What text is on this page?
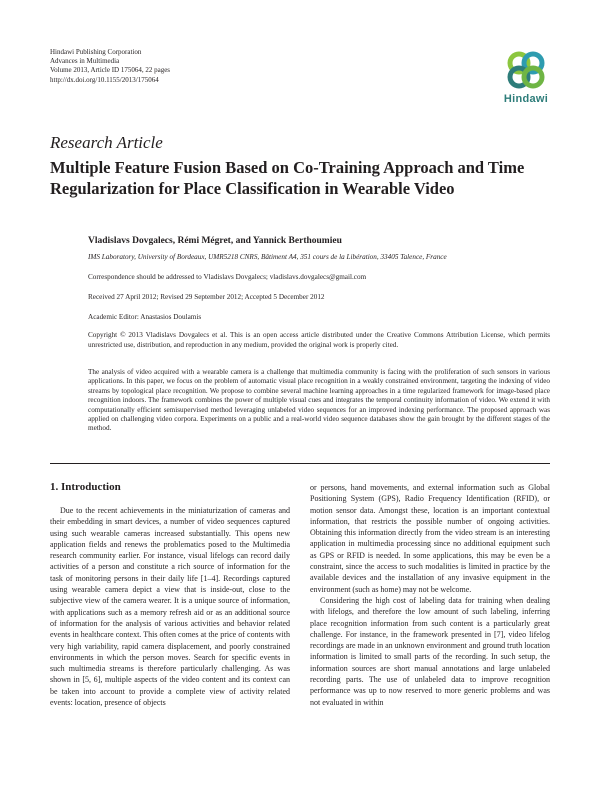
Hindawi Publishing Corporation
Advances in Multimedia
Volume 2013, Article ID 175064, 22 pages
http://dx.doi.org/10.1155/2013/175064
Hindawi
Research Article
Multiple Feature Fusion Based on Co-Training Approach and Time Regularization for Place Classification in Wearable Video
Vladislavs Dovgalecs, Rémi Mégret, and Yannick Berthoumieu
IMS Laboratory, University of Bordeaux, UMR5218 CNRS, Bâtiment A4, 351 cours de la Libération, 33405 Talence, France
Correspondence should be addressed to Vladislavs Dovgalecs; vladislavs.dovgalecs@gmail.com
Received 27 April 2012; Revised 29 September 2012; Accepted 5 December 2012
Academic Editor: Anastasios Doulamis
Copyright © 2013 Vladislavs Dovgalecs et al. This is an open access article distributed under the Creative Commons Attribution License, which permits unrestricted use, distribution, and reproduction in any medium, provided the original work is properly cited.
The analysis of video acquired with a wearable camera is a challenge that multimedia community is facing with the proliferation of such sensors in various applications. In this paper, we focus on the problem of automatic visual place recognition in a weakly constrained environment, targeting the indexing of video streams by topological place recognition. We propose to combine several machine learning approaches in a time regularized framework for image-based place recognition indoors. The framework combines the power of multiple visual cues and integrates the temporal continuity information of video. We extend it with computationally efficient semisupervised method leveraging unlabeled video sequences for an improved indexing performance. The proposed approach was applied on challenging video corpora. Experiments on a public and a real-world video sequence databases show the gain brought by the different stages of the method.
1. Introduction

Due to the recent achievements in the miniaturization of cameras and their embedding in smart devices, a number of video sequences captured using such wearable cameras increased substantially. This opens new application fields and renews the problematics posed to the Multimedia research community earlier. For instance, visual lifelogs can record daily activities of a person and constitute a rich source of information for the task of monitoring persons in their daily life [1–4]. Recordings captured using wearable camera depict a view that is inside-out, close to the subjective view of the camera wearer. It is a unique source of information, with applications such as a memory refresh aid or as an additional source of information for the analysis of various activities and behavior related events in healthcare context. This often comes at the price of contents with very high variability, rapid camera displacement, and poorly constrained environments in which the person moves. Search for specific events in such multimedia streams is therefore particularly challenging. As was shown in [5, 6], multiple aspects of the video content and its context can be taken into account to provide a complete view of activity related events: location, presence of objects

or persons, hand movements, and external information such as Global Positioning System (GPS), Radio Frequency Identification (RFID), or motion sensor data. Amongst these, location is an important contextual information, that restricts the possible number of ongoing activities. Obtaining this information directly from the video stream is an interesting application in multimedia processing since no additional equipment such as GPS or RFID is needed. In some applications, this may be even be a constraint, since the access to such modalities is limited in practice by the available devices and the installation of any invasive equipment in the environment (such as home) may not be welcome.

Considering the high cost of labeling data for training when dealing with lifelogs, and therefore the low amount of such labeling, inferring place recognition information from such content is a particularly great challenge. For instance, in the framework presented in [7], video lifelog recordings are made in an unknown environment and ground truth location information is limited to small parts of the recording. In such setup, the information sources are short manual annotations and large unlabeled recording parts. The use of unlabeled data to improve recognition performance was up to now reserved to more generic problems and was not evaluated in within
